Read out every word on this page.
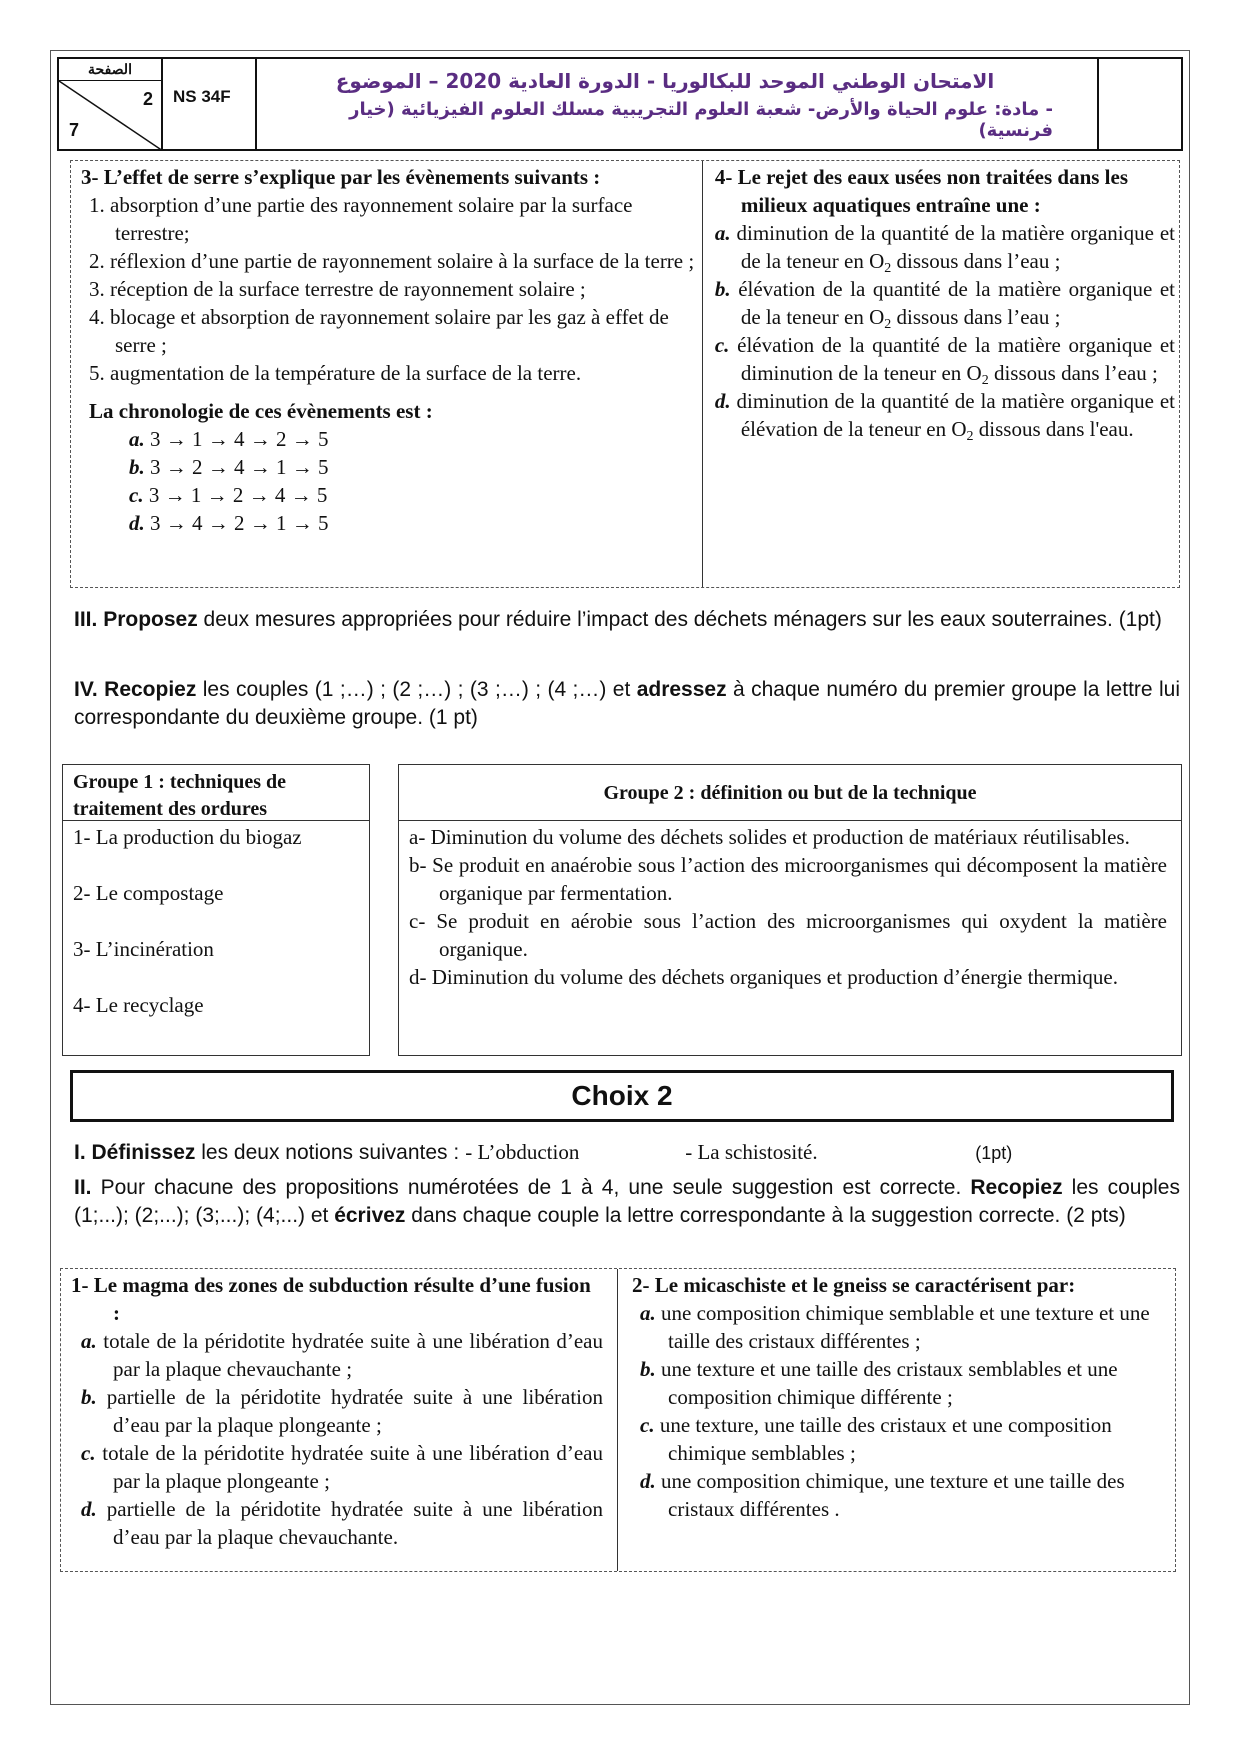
الصفحة
2
7
NS 34F
الامتحان الوطني الموحد للبكالوريا - الدورة العادية 2020 – الموضوع
- مادة: علوم الحياة والأرض- شعبة العلوم التجريبية مسلك العلوم الفيزيائية (خيار فرنسية)
3- L’effet de serre s’explique par les évènements suivants :
1. absorption d’une partie des rayonnement solaire par la surface terrestre;
2. réflexion d’une partie de rayonnement solaire à la surface de la terre ;
3. réception de la surface terrestre de rayonnement solaire ;
4. blocage et absorption de rayonnement solaire par les gaz à effet de serre ;
5. augmentation de la température de la surface de la terre.
La chronologie de ces évènements est :
a. 3 → 1 → 4 → 2 → 5
b. 3 → 2 → 4 → 1 → 5
c. 3 → 1 → 2 → 4 → 5
d. 3 → 4 → 2 → 1 → 5
4- Le rejet des eaux usées non traitées dans les milieux aquatiques entraîne une :
a. diminution de la quantité de la matière organique et de la teneur en $O_2$ dissous dans l’eau ;
b. élévation de la quantité de la matière organique et de la teneur en $O_2$ dissous dans l’eau ;
c. élévation de la quantité de la matière organique et diminution de la teneur en $O_2$ dissous dans l’eau ;
d. diminution de la quantité de la matière organique et élévation de la teneur en $O_2$ dissous dans l'eau.
III. Proposez deux mesures appropriées pour réduire l’impact des déchets ménagers sur les eaux souterraines. (1pt)
IV. Recopiez les couples (1 ;…) ; (2 ;…) ; (3 ;…) ; (4 ;…) et adressez à chaque numéro du premier groupe la lettre lui correspondante du deuxième groupe. (1 pt)
Groupe 1 : techniques de traitement des ordures
1- La production du biogaz
2- Le compostage
3- L’incinération
4- Le recyclage
Groupe 2 : définition ou but de la technique
a- Diminution du volume des déchets solides et production de matériaux réutilisables.
b- Se produit en anaérobie sous l’action des microorganismes qui décomposent la matière organique par fermentation.
c- Se produit en aérobie sous l’action des microorganismes qui oxydent la matière organique.
d- Diminution du volume des déchets organiques et production d’énergie thermique.
Choix 2
I. Définissez les deux notions suivantes : - L’obduction	- La schistosité.	(1pt)
II. Pour chacune des propositions numérotées de 1 à 4, une seule suggestion est correcte. Recopiez les couples (1;...); (2;...); (3;...); (4;...) et écrivez dans chaque couple la lettre correspondante à la suggestion correcte. (2 pts)
1- Le magma des zones de subduction résulte d’une fusion :
a. totale de la péridotite hydratée suite à une libération d’eau par la plaque chevauchante ;
b. partielle de la péridotite hydratée suite à une libération d’eau par la plaque plongeante ;
c. totale de la péridotite hydratée suite à une libération d’eau par la plaque plongeante ;
d. partielle de la péridotite hydratée suite à une libération d’eau par la plaque chevauchante.
2- Le micaschiste et le gneiss se caractérisent par:
a. une composition chimique semblable et une texture et une taille des cristaux différentes ;
b. une texture et une taille des cristaux semblables et une composition chimique différente ;
c. une texture, une taille des cristaux et une composition chimique semblables ;
d. une composition chimique, une texture et une taille des cristaux différentes .
